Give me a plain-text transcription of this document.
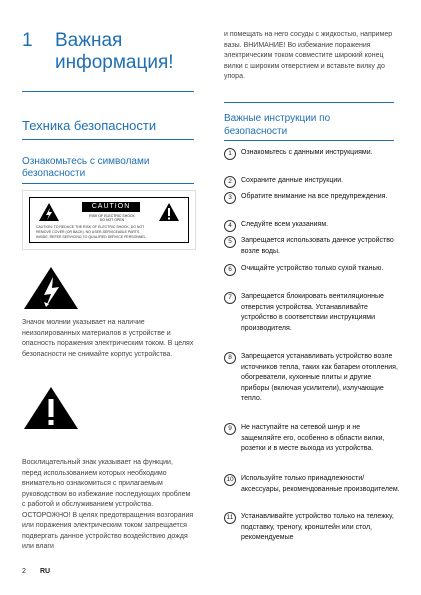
1 Важная информация!
Техника безопасности
Ознакомьтесь с символами безопасности
CAUTION
RISK OF ELECTRIC SHOCK
DO NOT OPEN
CAUTION: TO REDUCE THE RISK OF ELECTRIC SHOCK, DO NOT
REMOVE COVER (OR BACK). NO USER-SERVICEABLE PARTS
INSIDE. REFER SERVICING TO QUALIFIED SERVICE PERSONNEL.
Значок молнии указывает на наличие неизолированных материалов в устройстве и опасность поражения электрическим током. В целях безопасности не снимайте корпус устройства.
Восклицательный знак указывает на функции, перед использованием которых необходимо внимательно ознакомиться с прилагаемым руководством во избежание последующих проблем с работой и обслуживанием устройства. ОСТОРОЖНО! В целях предотвращения возгорания или поражения электрическим током запрещается подвергать данное устройство воздействию дождя или влаги
и помещать на него сосуды с жидкостью, например вазы. ВНИМАНИЕ! Во избежание поражения электрическим током совместите широкий конец вилки с широким отверстием и вставьте вилку до упора.
Важные инструкции по безопасности
1	Ознакомьтесь с данными инструкциями.
2	Сохраните данные инструкции.
3	Обратите внимание на все предупреждения.
4	Следуйте всем указаниям.
5	Запрещается использовать данное устройство возле воды.
6	Очищайте устройство только сухой тканью.
7	Запрещается блокировать вентиляционные отверстия устройства. Устанавливайте устройство в соответствии инструкциями производителя.
8	Запрещается устанавливать устройство возле источников тепла, таких как батареи отопления, обогреватели, кухонные плиты и другие приборы (включая усилители), излучающие тепло.
9	Не наступайте на сетевой шнур и не защемляйте его, особенно в области вилки, розетки и в месте выхода из устройства.
10	Используйте только принадлежности/аксессуары, рекомендованные производителем.
11	Устанавливайте устройство только на тележку, подставку, треногу, кронштейн или стол, рекомендуемые
2 RU
